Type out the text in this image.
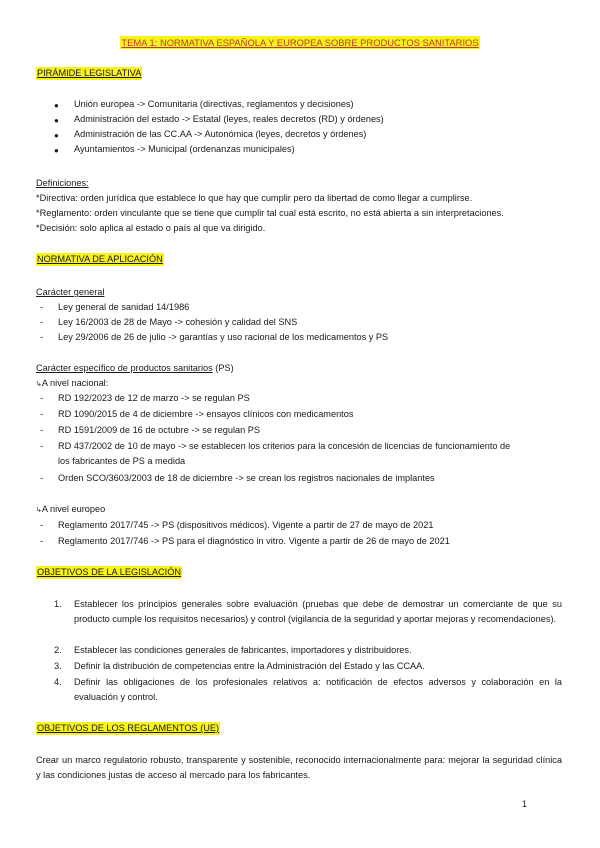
TEMA 1: NORMATIVA ESPAÑOLA Y EUROPEA SOBRE PRODUCTOS SANITARIOS
PIRÁMIDE LEGISLATIVA
● Unión europea -> Comunitaria (directivas, reglamentos y decisiones)
● Administración del estado -> Estatal (leyes, reales decretos (RD) y órdenes)
● Administración de las CC.AA -> Autonómica (leyes, decretos y órdenes)
● Ayuntamientos -> Municipal (ordenanzas municipales)
Definiciones:
*Directiva: orden jurídica que establece lo que hay que cumplir pero da libertad de como llegar a cumplirse.
*Reglamento: orden vinculante que se tiene que cumplir tal cual está escrito, no está abierta a sin interpretaciones.
*Decisión: solo aplica al estado o país al que va dirigido.
NORMATIVA DE APLICACIÓN
Carácter general
- Ley general de sanidad 14/1986
- Ley 16/2003 de 28 de Mayo -> cohesión y calidad del SNS
- Ley 29/2006 de 26 de julio -> garantías y uso racional de los medicamentos y PS
Carácter específico de productos sanitarios (PS)
↳A nivel nacional:
- RD 192/2023 de 12 de marzo -> se regulan PS
- RD 1090/2015 de 4 de diciembre -> ensayos clínicos con medicamentos
- RD 1591/2009 de 16 de octubre -> se regulan PS
- RD 437/2002 de 10 de mayo -> se establecen los criterios para la concesión de licencias de funcionamiento de
los fabricantes de PS a medida
- Orden SCO/3603/2003 de 18 de diciembre -> se crean los registros nacionales de implantes
↳A nivel europeo
- Reglamento 2017/745 -> PS (dispositivos médicos). Vigente a partir de 27 de mayo de 2021
- Reglamento 2017/746 -> PS para el diagnóstico in vitro. Vigente a partir de 26 de mayo de 2021
OBJETIVOS DE LA LEGISLACIÓN
1. Establecer los principios generales sobre evaluación (pruebas que debe de demostrar un comerciante de que su producto cumple los requisitos necesarios) y control (vigilancia de la seguridad y aportar mejoras y recomendaciones).
2. Establecer las condiciones generales de fabricantes, importadores y distribuidores.
3. Definir la distribución de competencias entre la Administración del Estado y las CCAA.
4. Definir las obligaciones de los profesionales relativos a: notificación de efectos adversos y colaboración en la evaluación y control.
OBJETIVOS DE LOS REGLAMENTOS (UE)
Crear un marco regulatorio robusto, transparente y sostenible, reconocido internacionalmente para: mejorar la seguridad clínica y las condiciones justas de acceso al mercado para los fabricantes.
1
